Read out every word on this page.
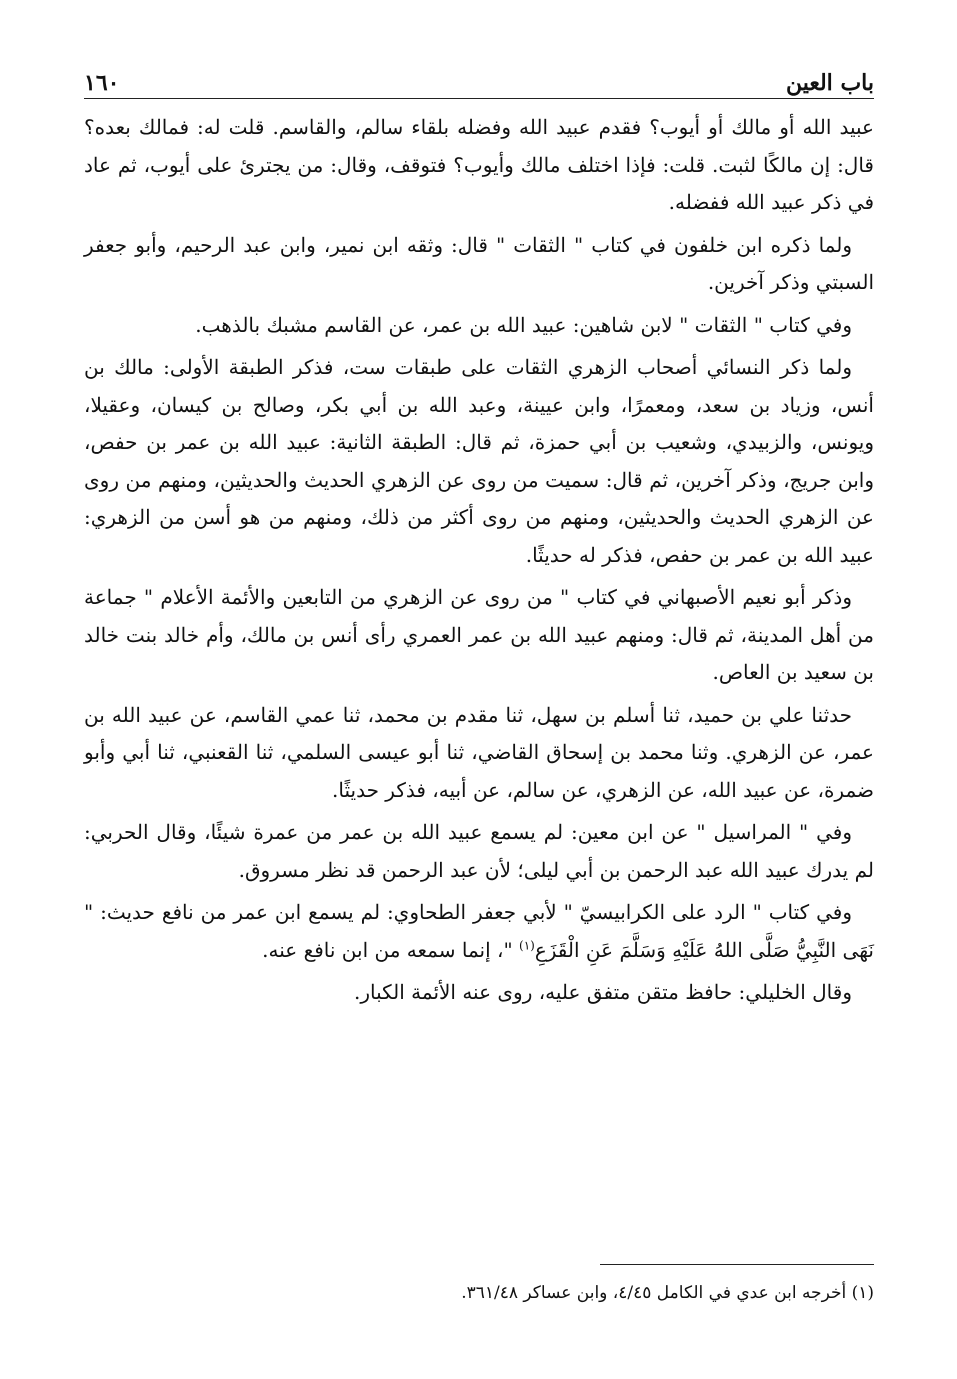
باب العين
١٦٠

عبيد الله أو مالك أو أيوب؟ فقدم عبيد الله وفضله بلقاء سالم، والقاسم. قلت له: فمالك بعده؟ قال: إن مالكًا لثبت. قلت: فإذا اختلف مالك وأيوب؟ فتوقف، وقال: من يجترئ على أيوب، ثم عاد في ذكر عبيد الله ففضله.

ولما ذكره ابن خلفون في كتاب " الثقات " قال: وثقه ابن نمير، وابن عبد الرحيم، وأبو جعفر السبتي وذكر آخرين.

وفي كتاب " الثقات " لابن شاهين: عبيد الله بن عمر، عن القاسم مشبك بالذهب.

ولما ذكر النسائي أصحاب الزهري الثقات على طبقات ست، فذكر الطبقة الأولى: مالك بن أنس، وزياد بن سعد، ومعمرًا، وابن عيينة، وعبد الله بن أبي بكر، وصالح بن كيسان، وعقيلا، ويونس، والزبيدي، وشعيب بن أبي حمزة، ثم قال: الطبقة الثانية: عبيد الله بن عمر بن حفص، وابن جريج، وذكر آخرين، ثم قال: سميت من روى عن الزهري الحديث والحديثين، ومنهم من روى عن الزهري الحديث والحديثين، ومنهم من روى أكثر من ذلك، ومنهم من هو أسن من الزهري: عبيد الله بن عمر بن حفص، فذكر له حديثًا.

وذكر أبو نعيم الأصبهاني في كتاب " من روى عن الزهري من التابعين والأئمة الأعلام " جماعة من أهل المدينة، ثم قال: ومنهم عبيد الله بن عمر العمري رأى أنس بن مالك، وأم خالد بنت خالد بن سعيد بن العاص.

حدثنا علي بن حميد، ثنا أسلم بن سهل، ثنا مقدم بن محمد، ثنا عمي القاسم، عن عبيد الله بن عمر، عن الزهري. وثنا محمد بن إسحاق القاضي، ثنا أبو عيسى السلمي، ثنا القعنبي، ثنا أبي وأبو ضمرة، عن عبيد الله، عن الزهري، عن سالم، عن أبيه، فذكر حديثًا.

وفي " المراسيل " عن ابن معين: لم يسمع عبيد الله بن عمر من عمرة شيئًا، وقال الحربي: لم يدرك عبيد الله عبد الرحمن بن أبي ليلى؛ لأن عبد الرحمن قد نظر مسروق.

وفي كتاب " الرد على الكرابيسيّ " لأبي جعفر الطحاوي: لم يسمع ابن عمر من نافع حديث: " نَهَى النَّبِيُّ صَلَّى اللهُ عَلَيْهِ وَسَلَّمَ عَنِ الْقَزَعِ$^{(١)}$ "، إنما سمعه من ابن نافع عنه.

وقال الخليلي: حافظ متقن متفق عليه، روى عنه الأئمة الكبار.

(١) أخرجه ابن عدي في الكامل ٤/٤٥، وابن عساكر ٣٦١/٤٨.
